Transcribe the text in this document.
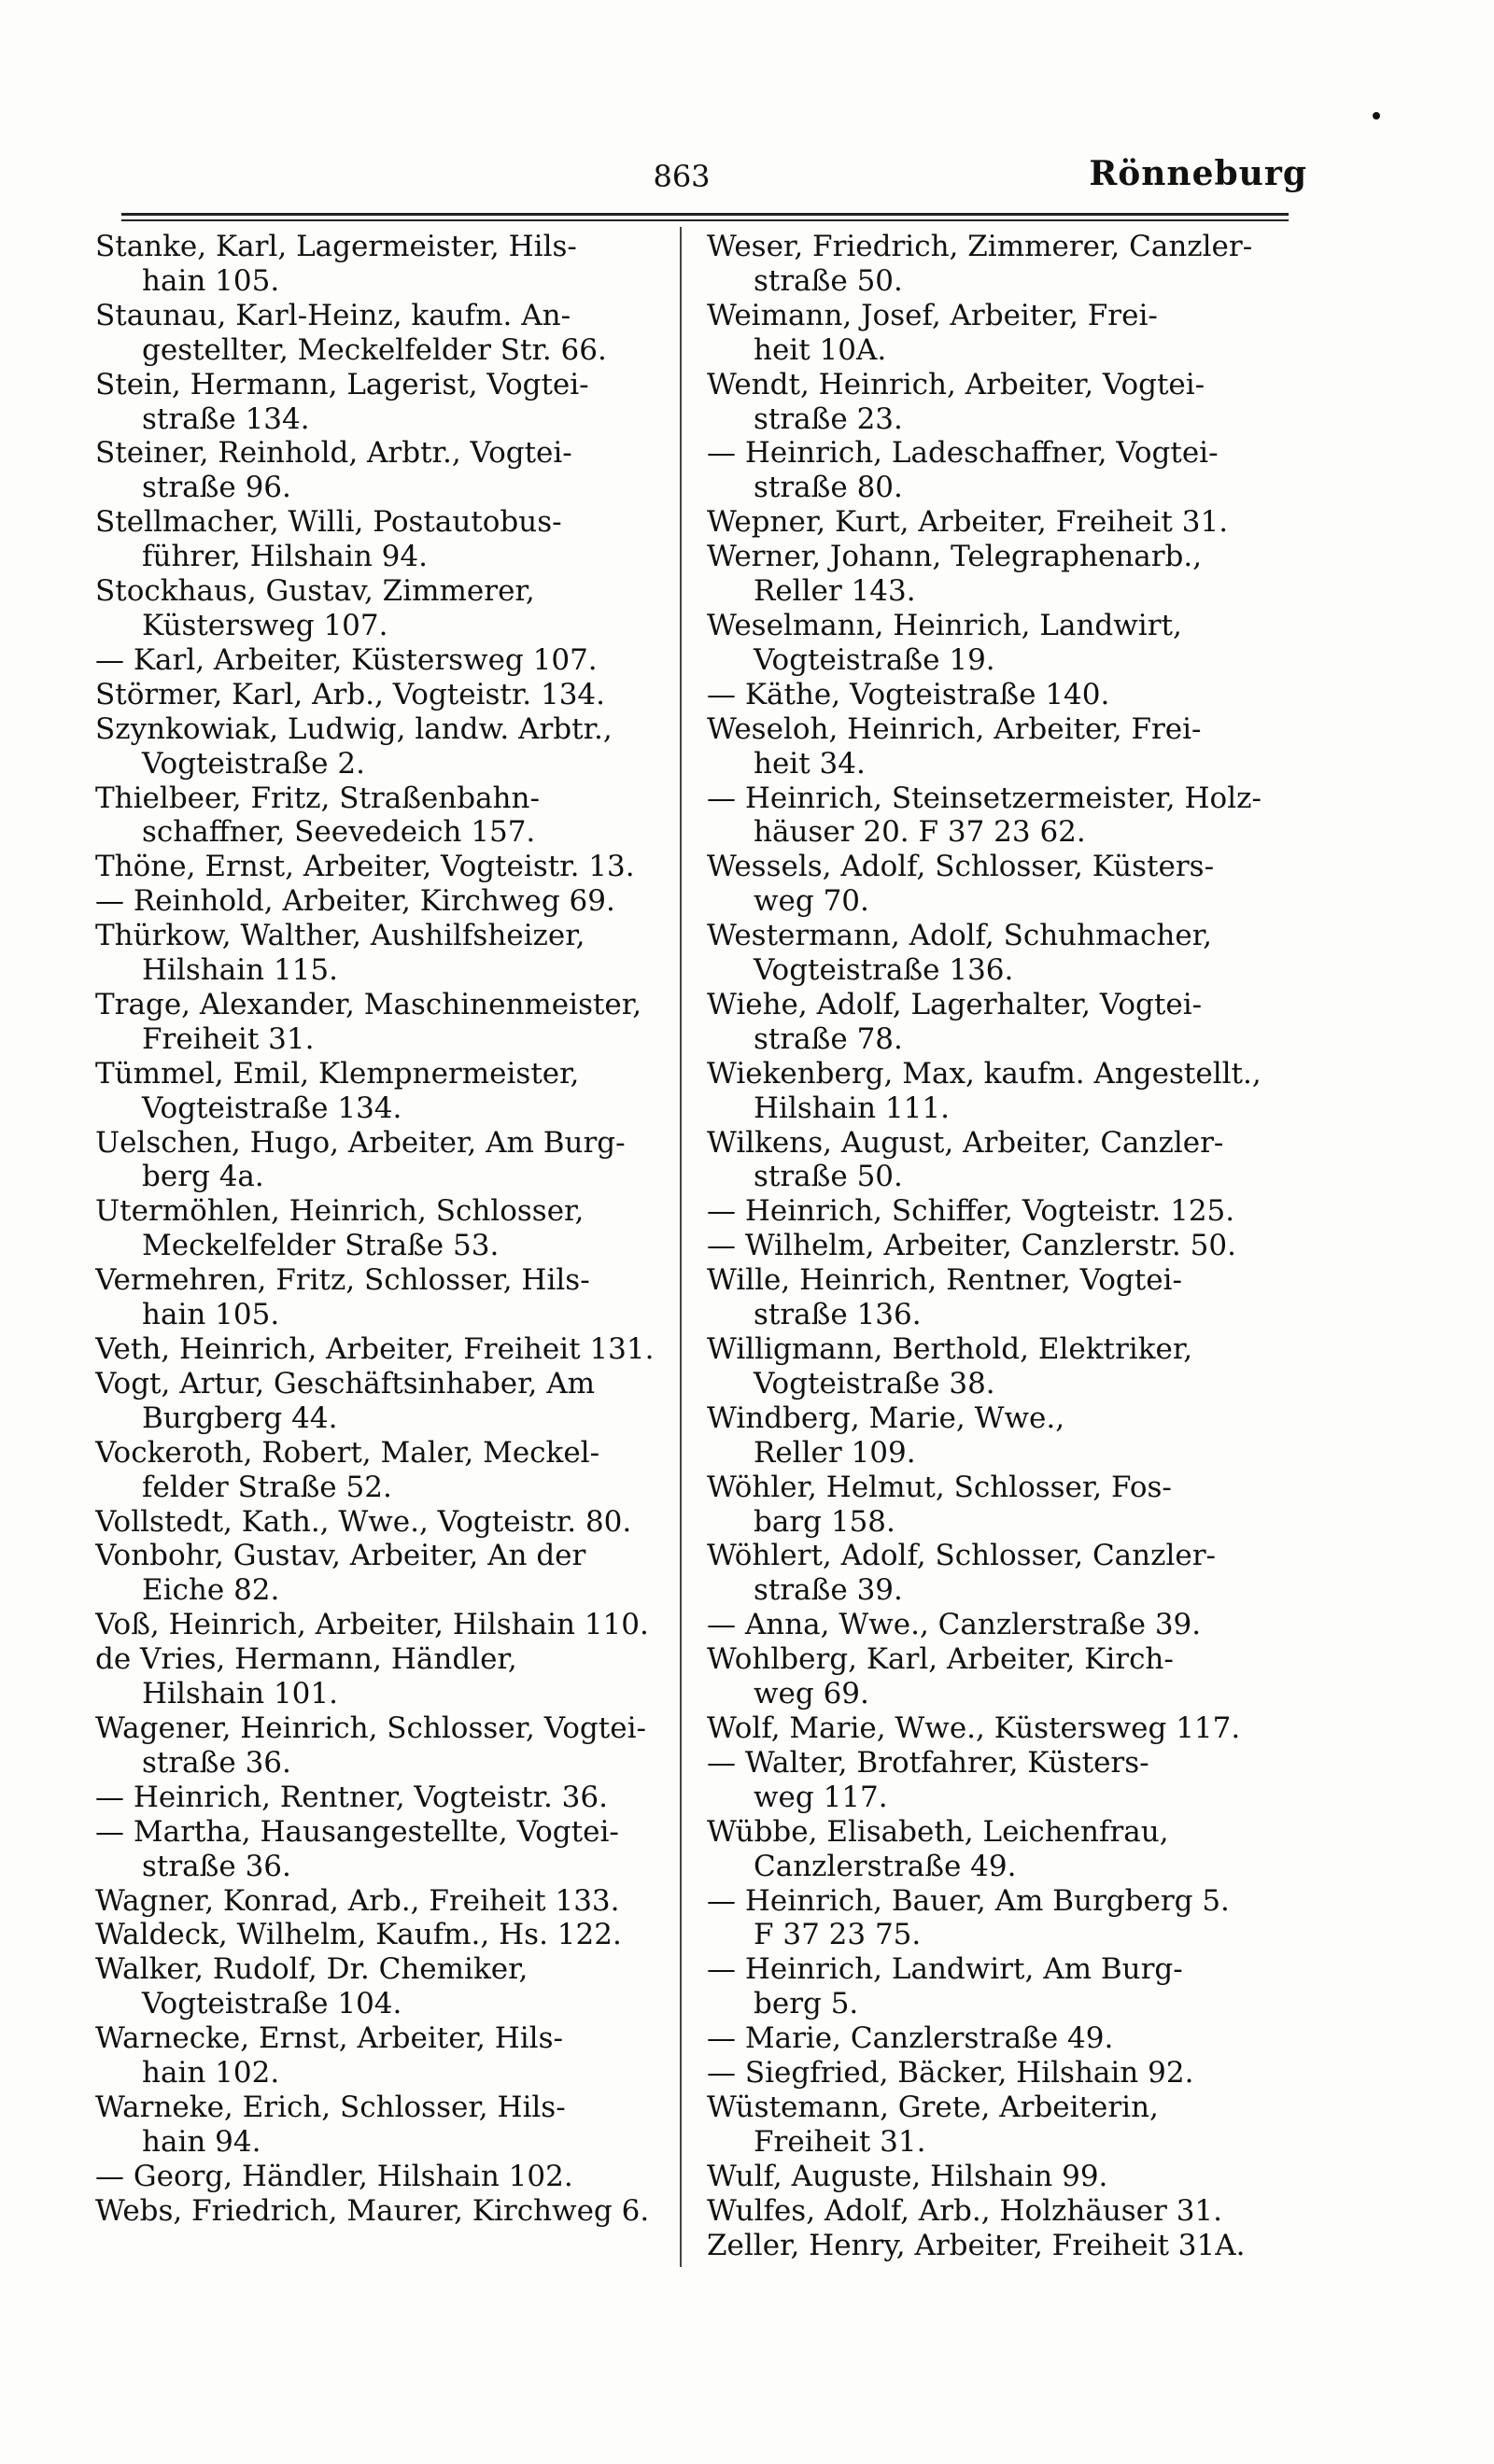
863	Rönneburg

Stanke, Karl, Lagermeister, Hils-

hain 105.

Staunau, Karl-Heinz, kaufm. An-

gestellter, Meckelfelder Str. 66.

Stein, Hermann, Lagerist, Vogtei-

straße 134.

Steiner, Reinhold, Arbtr., Vogtei-

straße 96.

Stellmacher, Willi, Postautobus-

führer, Hilshain 94.

Stockhaus, Gustav, Zimmerer,

Küstersweg 107.

— Karl, Arbeiter, Küstersweg 107.

Störmer, Karl, Arb., Vogteistr. 134.

Szynkowiak, Ludwig, landw. Arbtr.,

Vogteistraße 2.

Thielbeer, Fritz, Straßenbahn-

schaffner, Seevedeich 157.

Thöne, Ernst, Arbeiter, Vogteistr. 13.

— Reinhold, Arbeiter, Kirchweg 69.

Thürkow, Walther, Aushilfsheizer,

Hilshain 115.

Trage, Alexander, Maschinenmeister,

Freiheit 31.

Tümmel, Emil, Klempnermeister,

Vogteistraße 134.

Uelschen, Hugo, Arbeiter, Am Burg-

berg 4a.

Utermöhlen, Heinrich, Schlosser,

Meckelfelder Straße 53.

Vermehren, Fritz, Schlosser, Hils-

hain 105.

Veth, Heinrich, Arbeiter, Freiheit 131.

Vogt, Artur, Geschäftsinhaber, Am

Burgberg 44.

Vockeroth, Robert, Maler, Meckel-

felder Straße 52.

Vollstedt, Kath., Wwe., Vogteistr. 80.

Vonbohr, Gustav, Arbeiter, An der

Eiche 82.

Voß, Heinrich, Arbeiter, Hilshain 110.

de Vries, Hermann, Händler,

Hilshain 101.

Wagener, Heinrich, Schlosser, Vogtei-

straße 36.

— Heinrich, Rentner, Vogteistr. 36.

— Martha, Hausangestellte, Vogtei-

straße 36.

Wagner, Konrad, Arb., Freiheit 133.

Waldeck, Wilhelm, Kaufm., Hs. 122.

Walker, Rudolf, Dr. Chemiker,

Vogteistraße 104.

Warnecke, Ernst, Arbeiter, Hils-

hain 102.

Warneke, Erich, Schlosser, Hils-

hain 94.

— Georg, Händler, Hilshain 102.

Webs, Friedrich, Maurer, Kirchweg 6.

Weser, Friedrich, Zimmerer, Canzler-

straße 50.

Weimann, Josef, Arbeiter, Frei-

heit 10A.

Wendt, Heinrich, Arbeiter, Vogtei-

straße 23.

— Heinrich, Ladeschaffner, Vogtei-

straße 80.

Wepner, Kurt, Arbeiter, Freiheit 31.

Werner, Johann, Telegraphenarb.,

Reller 143.

Weselmann, Heinrich, Landwirt,

Vogteistraße 19.

— Käthe, Vogteistraße 140.

Weseloh, Heinrich, Arbeiter, Frei-

heit 34.

— Heinrich, Steinsetzermeister, Holz-

häuser 20. F 37 23 62.

Wessels, Adolf, Schlosser, Küsters-

weg 70.

Westermann, Adolf, Schuhmacher,

Vogteistraße 136.

Wiehe, Adolf, Lagerhalter, Vogtei-

straße 78.

Wiekenberg, Max, kaufm. Angestellt.,

Hilshain 111.

Wilkens, August, Arbeiter, Canzler-

straße 50.

— Heinrich, Schiffer, Vogteistr. 125.

— Wilhelm, Arbeiter, Canzlerstr. 50.

Wille, Heinrich, Rentner, Vogtei-

straße 136.

Willigmann, Berthold, Elektriker,

Vogteistraße 38.

Windberg, Marie, Wwe.,

Reller 109.

Wöhler, Helmut, Schlosser, Fos-

barg 158.

Wöhlert, Adolf, Schlosser, Canzler-

straße 39.

— Anna, Wwe., Canzlerstraße 39.

Wohlberg, Karl, Arbeiter, Kirch-

weg 69.

Wolf, Marie, Wwe., Küstersweg 117.

— Walter, Brotfahrer, Küsters-

weg 117.

Wübbe, Elisabeth, Leichenfrau,

Canzlerstraße 49.

— Heinrich, Bauer, Am Burgberg 5.

F 37 23 75.

— Heinrich, Landwirt, Am Burg-

berg 5.

— Marie, Canzlerstraße 49.

— Siegfried, Bäcker, Hilshain 92.

Wüstemann, Grete, Arbeiterin,

Freiheit 31.

Wulf, Auguste, Hilshain 99.

Wulfes, Adolf, Arb., Holzhäuser 31.

Zeller, Henry, Arbeiter, Freiheit 31A.
